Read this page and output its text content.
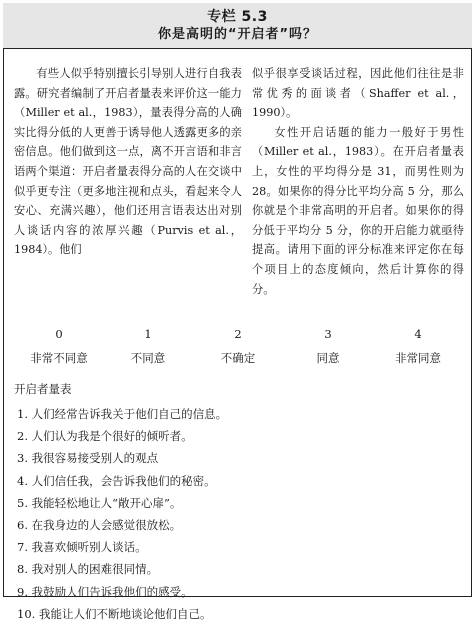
专栏 5.3
你是高明的“开启者”吗？

有些人似乎特别擅长引导别人进行自我表露。研究者编制了开启者量表来评价这一能力（Miller et al.，1983），量表得分高的人确实比得分低的人更善于诱导他人透露更多的亲密信息。他们做到这一点，离不开言语和非言语两个渠道：开启者量表得分高的人在交谈中似乎更专注（更多地注视和点头，看起来令人安心、充满兴趣），他们还用言语表达出对别人谈话内容的浓厚兴趣（Purvis et al.，1984）。他们

似乎很享受谈话过程，因此他们往往是非常优秀的面谈者（Shaffer et al.，1990）。

女性开启话题的能力一般好于男性（Miller et al.，1983）。在开启者量表上，女性的平均得分是 31，而男性则为 28。如果你的得分比平均分高 5 分，那么你就是个非常高明的开启者。如果你的得分低于平均分 5 分，你的开启能力就亟待提高。请用下面的评分标准来评定你在每个项目上的态度倾向，然后计算你的得分。

0
非常不同意
1
不同意
2
不确定
3
同意
4
非常同意
开启者量表
1. 人们经常告诉我关于他们自己的信息。
2. 人们认为我是个很好的倾听者。
3. 我很容易接受别人的观点
4. 人们信任我，会告诉我他们的秘密。
5. 我能轻松地让人“敞开心扉”。
6. 在我身边的人会感觉很放松。
7. 我喜欢倾听别人谈话。
8. 我对别人的困难很同情。
9. 我鼓励人们告诉我他们的感受。
10. 我能让人们不断地谈论他们自己。
